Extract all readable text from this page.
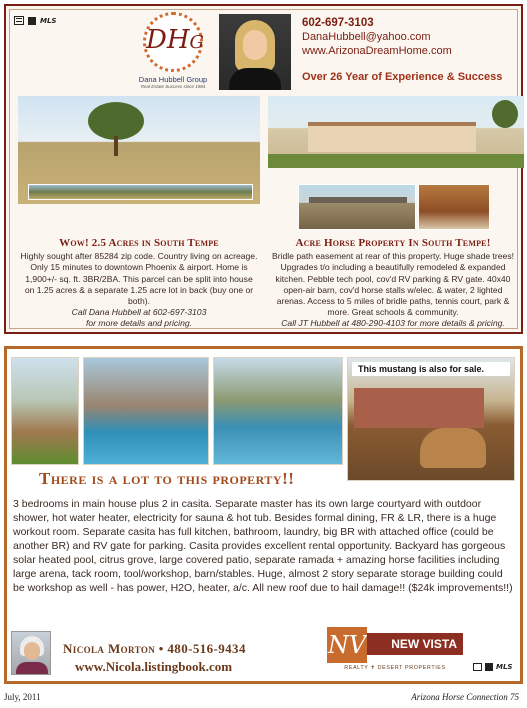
MLS
DHG
Dana Hubbell Group
Real Estate Success since 1984
602-697-3103
DanaHubbell@yahoo.com
www.ArizonaDreamHome.com
Over 26 Year of Experience & Success
Wow! 2.5 Acres in South Tempe
Highly sought after 85284 zip code. Country living on acreage. Only 15 minutes to downtown Phoenix & airport. Home is 1,900+/- sq. ft. 3BR/2BA. This parcel can be split into house on 1.25 acres & a separate 1.25 acre lot in back (buy one or both).
Call Dana Hubbell at 602-697-3103
for more details and pricing.
Acre Horse Property In South Tempe!
Bridle path easement at rear of this property. Huge shade trees! Upgrades t/o including a beautifully remodeled & expanded kitchen. Pebble tech pool, cov'd RV parking & RV gate. 40x40 open-air barn, cov'd horse stalls w/elec. & water, 2 lighted arenas. Access to 5 miles of bridle paths, tennis court, park & more. Great schools & community.
Call JT Hubbell at 480-290-4103 for more details & pricing.
This mustang is also for sale.
There is a lot to this property!!
3 bedrooms in main house plus 2 in casita. Separate master has its own large courtyard with outdoor shower, hot water heater, electricity for sauna & hot tub. Besides formal dining, FR & LR, there is a huge workout room. Separate casita has full kitchen, bathroom, laundry, big BR with attached office (could be another BR) and RV gate for parking. Casita provides excellent rental opportunity. Backyard has gorgeous solar heated pool, citrus grove, large covered patio, separate ramada + amazing horse facilities including large arena, tack room, tool/workshop, barn/stables. Huge, almost 2 story separate storage building could be workshop as well - has power, H2O, heater, a/c. All new roof due to hail damage!! ($24k improvements!!)
Nicola Morton • 480-516-9434
www.Nicola.listingbook.com
NV	NEW VISTA
REALTY ✝ DESERT PROPERTIES	MLS
July, 2011	Arizona Horse Connection 75
